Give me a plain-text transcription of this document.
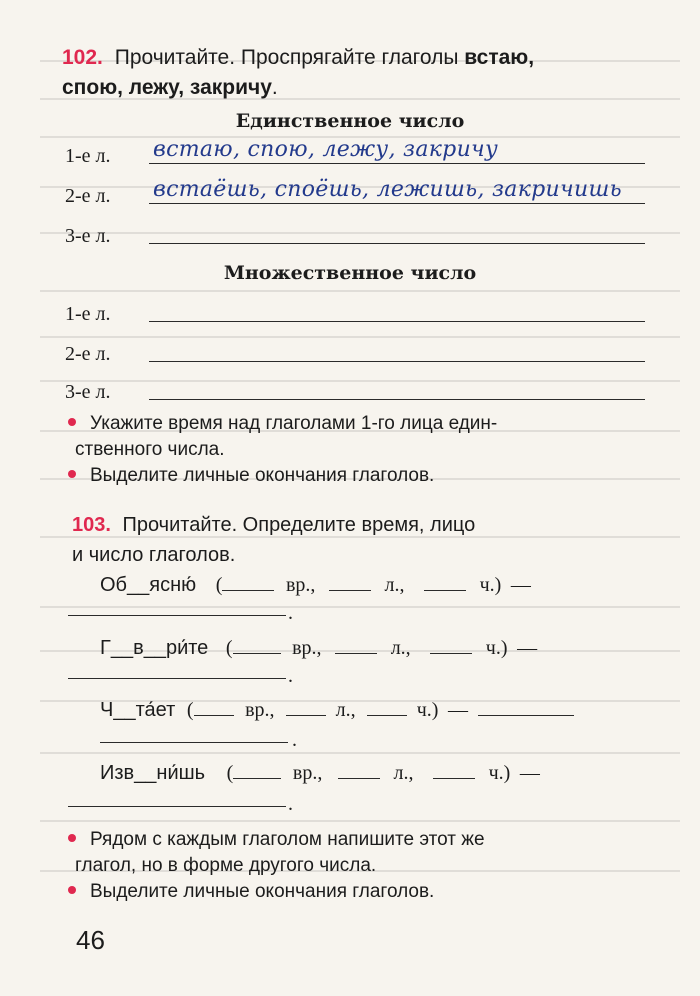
102. Прочитайте. Проспрягайте глаголы встаю,
спою, лежу, закричу.
Единственное число
1-е л. встаю, спою, лежу, закричу
2-е л. встаёшь, споёшь, лежишь, закричишь
3-е л.
Множественное число
1-е л.
2-е л.
3-е л.
Укажите время над глаголами 1-го лица един-
ственного числа.
Выделите личные окончания глаголов.
103. Прочитайте. Определите время, лицо
и число глаголов.
Об__ясню́ (	вр.,	л.,	ч.) —
.
Г__в__ри́те (	вр.,	л.,	ч.) —
.
Ч__та́ет (	вр.,	л.,	ч.) —
.
Изв__ни́шь (	вр.,	л.,	ч.) —
.
Рядом с каждым глаголом напишите этот же
глагол, но в форме другого числа.
Выделите личные окончания глаголов.
46
